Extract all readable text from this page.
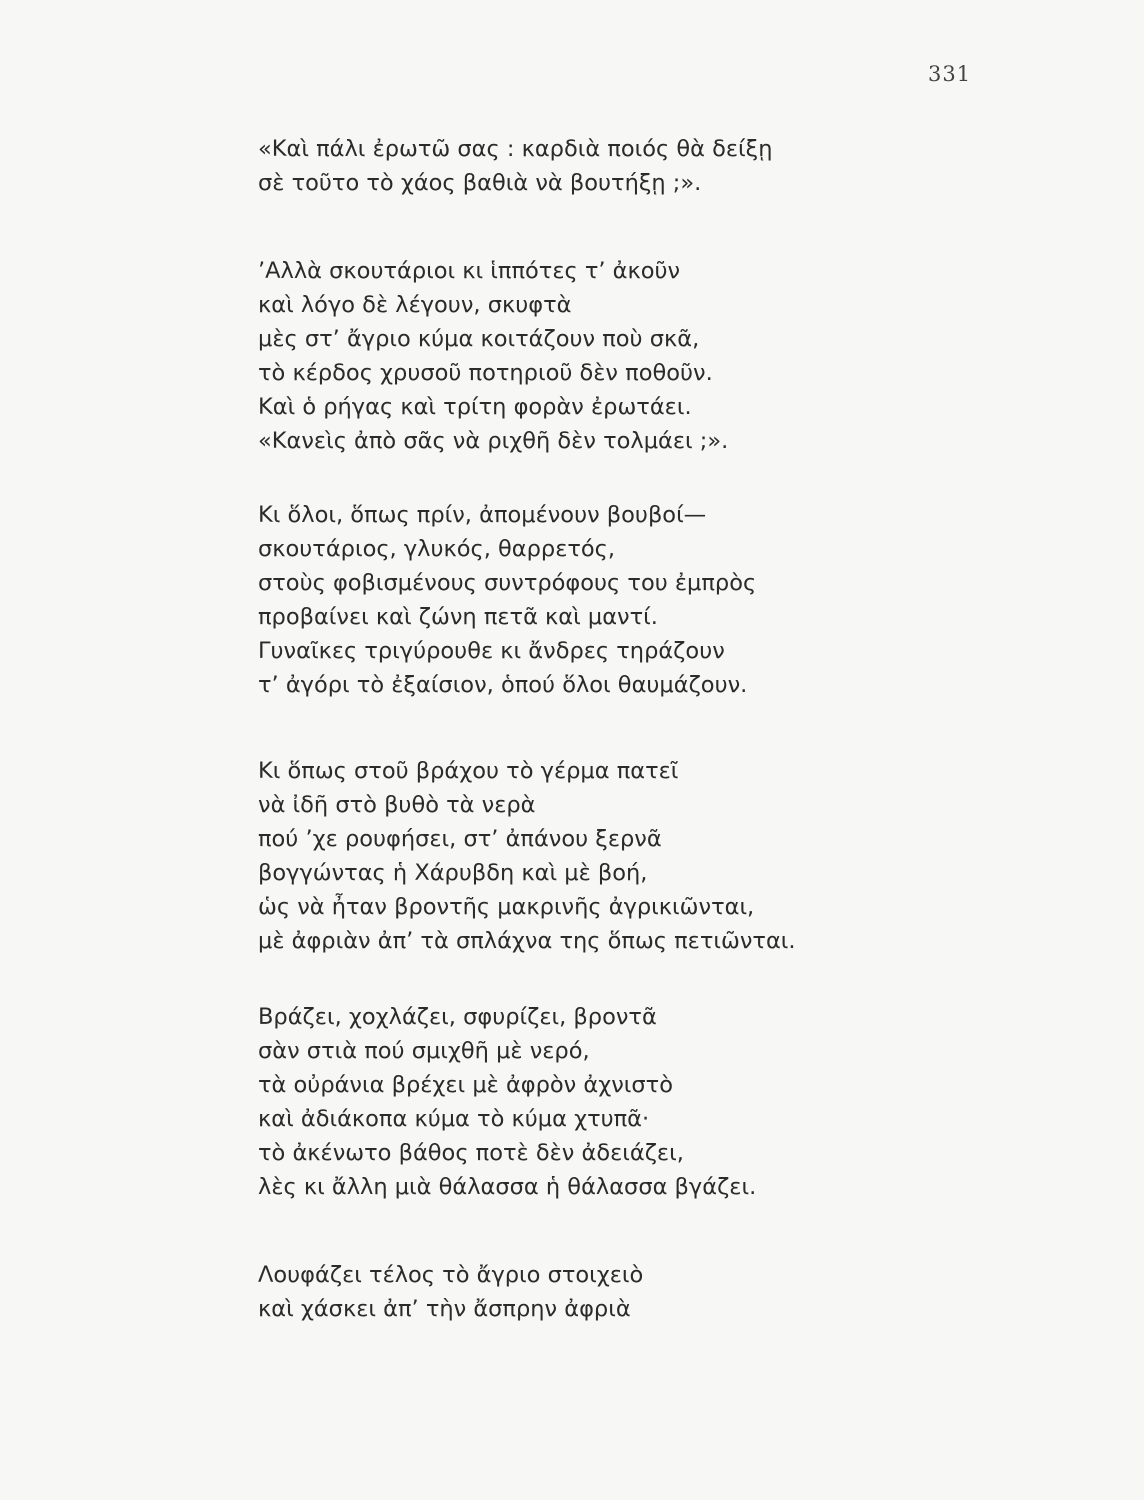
331
«Καὶ πάλι ἐρωτῶ σας : καρδιὰ ποιός θὰ δείξῃ
σὲ τοῦτο τὸ χάος βαθιὰ νὰ βουτήξῃ ;».
’Αλλὰ σκουτάριοι κι ἱππότες τ’ ἀκοῦν
καὶ λόγο δὲ λέγουν, σκυφτὰ
μὲς στ’ ἄγριο κύμα κοιτάζουν ποὺ σκᾶ,
τὸ κέρδος χρυσοῦ ποτηριοῦ δὲν ποθοῦν.
Καὶ ὁ ρήγας καὶ τρίτη φορὰν ἐρωτάει.
«Κανεὶς ἀπὸ σᾶς νὰ ριχθῆ δὲν τολμάει ;».
Κι ὅλοι, ὅπως πρίν, ἀπομένουν βουβοί—
σκουτάριος, γλυκός, θαρρετός,
στοὺς φοβισμένους συντρόφους του ἐμπρὸς
προβαίνει καὶ ζώνη πετᾶ καὶ μαντί.
Γυναῖκες τριγύρουθε κι ἄνδρες τηράζουν
τ’ ἀγόρι τὸ ἐξαίσιον, ὁπού ὅλοι θαυμάζουν.
Κι ὅπως στοῦ βράχου τὸ γέρμα πατεῖ
νὰ ἰδῆ στὸ βυθὸ τὰ νερὰ
πού ’χε ρουφήσει, στ’ ἀπάνου ξερνᾶ
βογγώντας ἡ Χάρυβδη καὶ μὲ βοή,
ὡς νὰ ἦταν βροντῆς μακρινῆς ἀγρικιῶνται,
μὲ ἀφριὰν ἀπ’ τὰ σπλάχνα της ὅπως πετιῶνται.
Βράζει, χοχλάζει, σφυρίζει, βροντᾶ
σὰν στιὰ πού σμιχθῆ μὲ νερό,
τὰ οὐράνια βρέχει μὲ ἀφρὸν ἀχνιστὸ
καὶ ἀδιάκοπα κύμα τὸ κύμα χτυπᾶ·
τὸ ἀκένωτο βάθος ποτὲ δὲν ἀδειάζει,
λὲς κι ἄλλη μιὰ θάλασσα ἡ θάλασσα βγάζει.
Λουφάζει τέλος τὸ ἄγριο στοιχειὸ
καὶ χάσκει ἀπ’ τὴν ἄσπρην ἀφριὰ
